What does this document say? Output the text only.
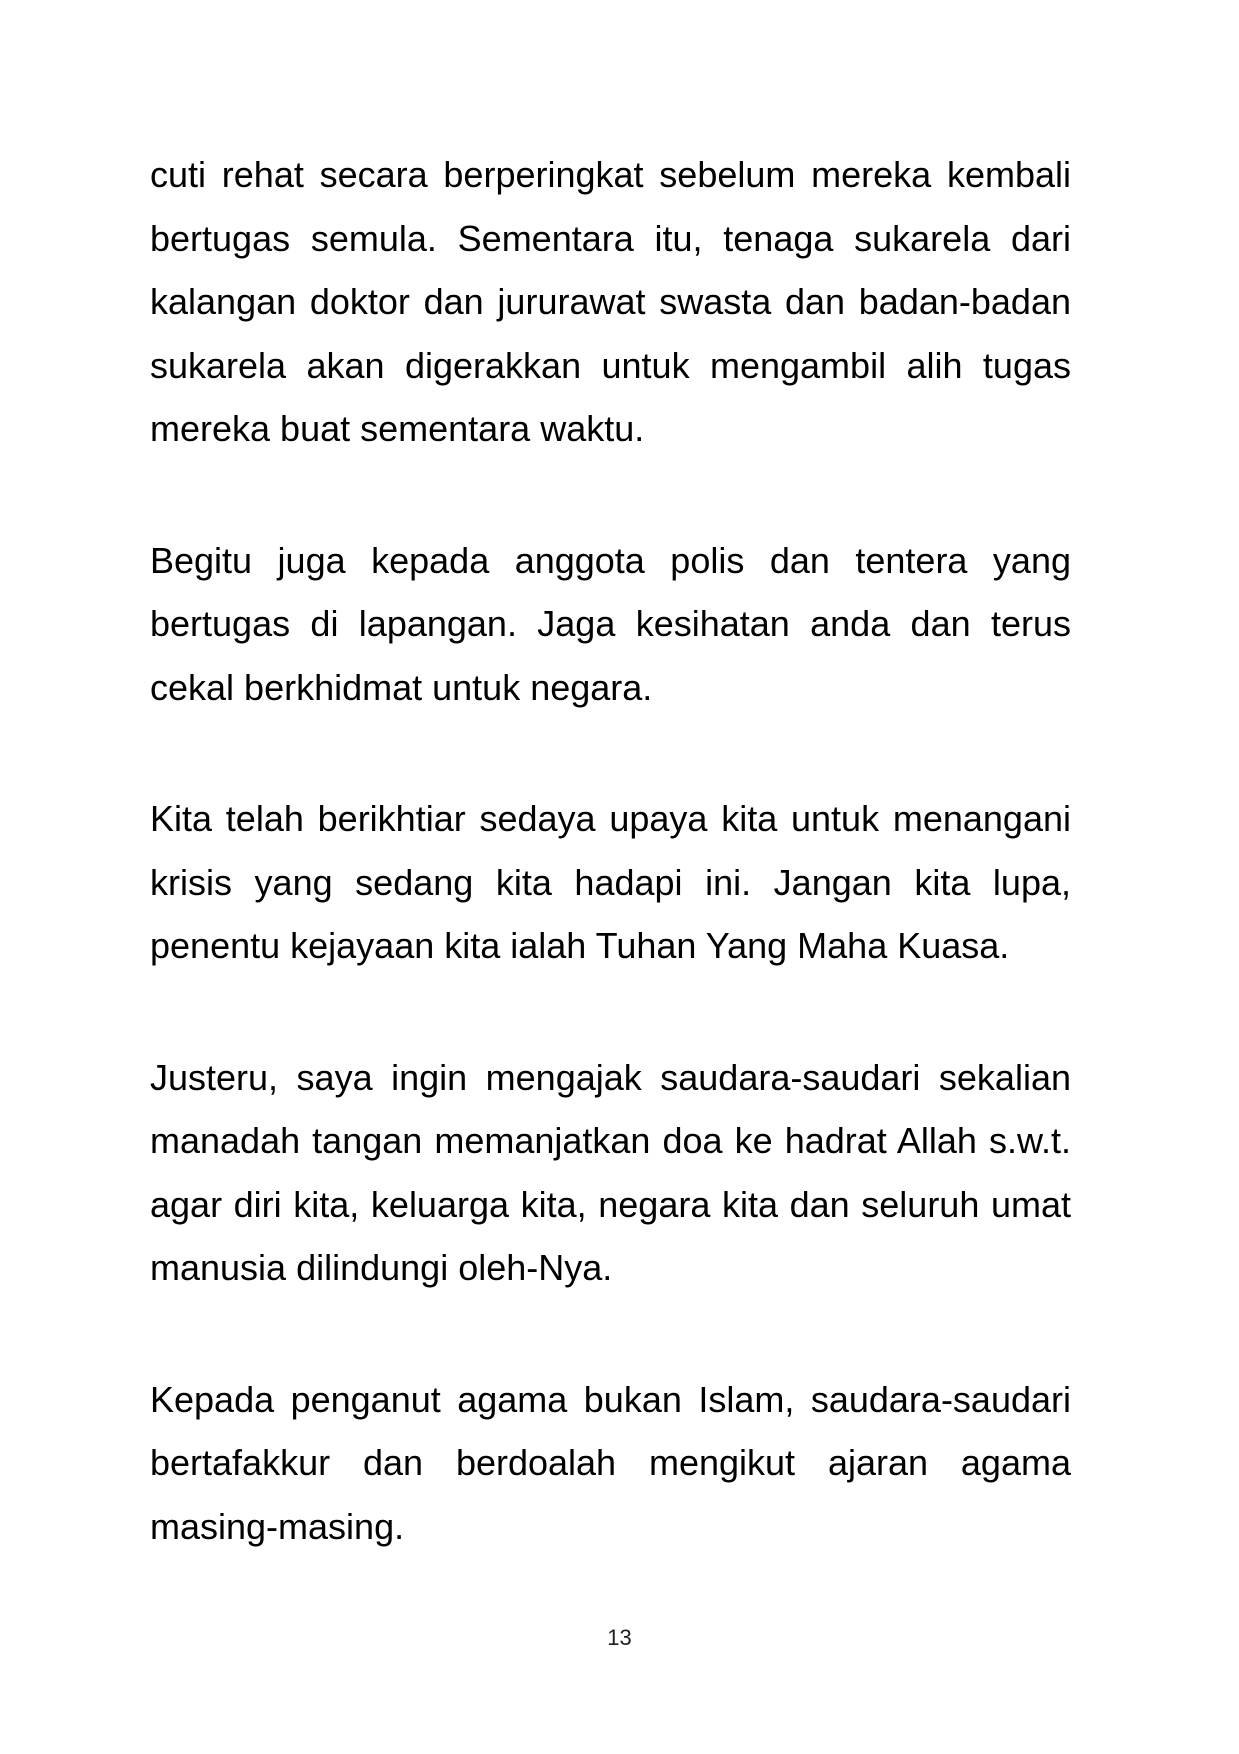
cuti rehat secara berperingkat sebelum mereka kembali bertugas semula. Sementara itu, tenaga sukarela dari kalangan doktor dan jururawat swasta dan badan-badan sukarela akan digerakkan untuk mengambil alih tugas mereka buat sementara waktu.

Begitu juga kepada anggota polis dan tentera yang bertugas di lapangan. Jaga kesihatan anda dan terus cekal berkhidmat untuk negara.

Kita telah berikhtiar sedaya upaya kita untuk menangani krisis yang sedang kita hadapi ini. Jangan kita lupa, penentu kejayaan kita ialah Tuhan Yang Maha Kuasa.

Justeru, saya ingin mengajak saudara-saudari sekalian manadah tangan memanjatkan doa ke hadrat Allah s.w.t. agar diri kita, keluarga kita, negara kita dan seluruh umat manusia dilindungi oleh-Nya.

Kepada penganut agama bukan Islam, saudara-saudari bertafakkur dan berdoalah mengikut ajaran agama masing-masing.

13
